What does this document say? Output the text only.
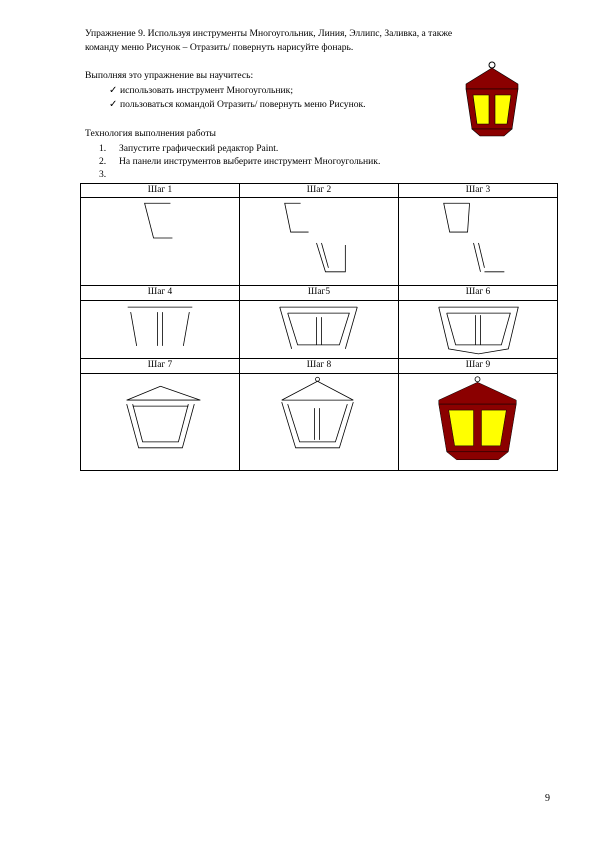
Упражнение 9. Используя инструменты Многоугольник, Линия, Эллипс, Заливка, а также
команду меню Рисунок – Отразить/ повернуть нарисуйте фонарь.
Выполняя это упражнение вы научитесь:
✓ использовать инструмент Многоугольник;
✓ пользоваться командой Отразить/ повернуть меню Рисунок.
Технология выполнения работы
1.	Запустите графический редактор Paint.
2.	На панели инструментов выберите инструмент Многоугольник.
3.
Шаг 1	Шаг 2	Шаг 3

Шаг 4	Шаг5	Шаг 6

Шаг 7	Шаг 8	Шаг 9

9
